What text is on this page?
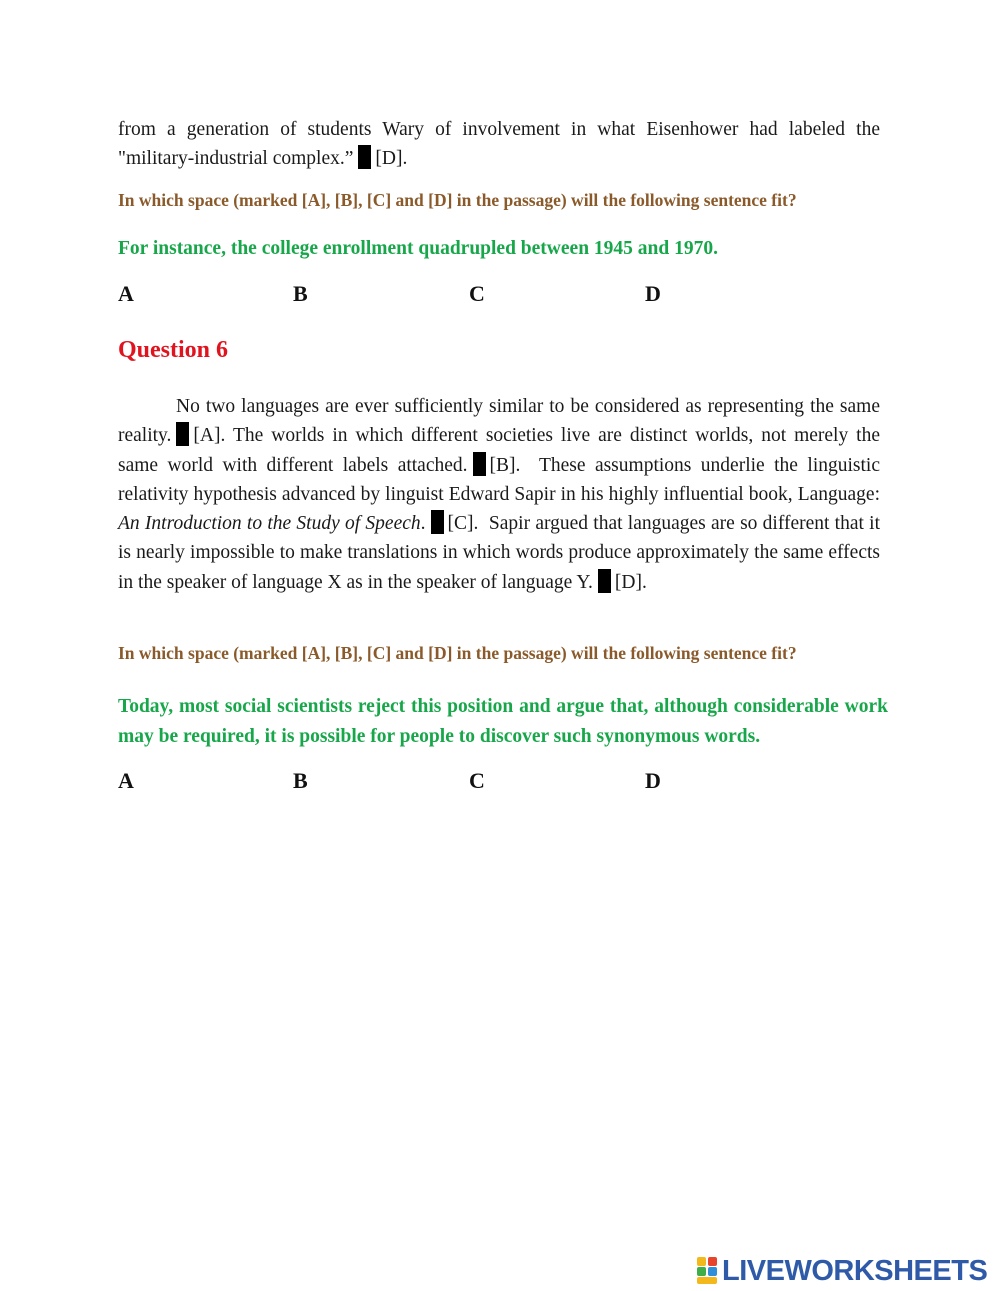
from a generation of students Wary of involvement in what Eisenhower had labeled the
"military-industrial complex.” [D].

In which space (marked [A], [B], [C] and [D] in the passage) will the following sentence fit?

For instance, the college enrollment quadrupled between 1945 and 1970.

A	B	C	D
Question 6

No two languages are ever sufficiently similar to be considered as representing the same reality. [A]. The worlds in which different societies live are distinct worlds, not merely the same world with different labels attached. [B]. These assumptions underlie the linguistic relativity hypothesis advanced by linguist Edward Sapir in his highly influential book, Language: An Introduction to the Study of Speech. [C]. Sapir argued that languages are so different that it is nearly impossible to make translations in which words produce approximately the same effects in the speaker of language X as in the speaker of language Y. [D].

In which space (marked [A], [B], [C] and [D] in the passage) will the following sentence fit?

Today, most social scientists reject this position and argue that, although considerable work may be required, it is possible for people to discover such synonymous words.

A	B	C	D
LIVEWORKSHEETS
